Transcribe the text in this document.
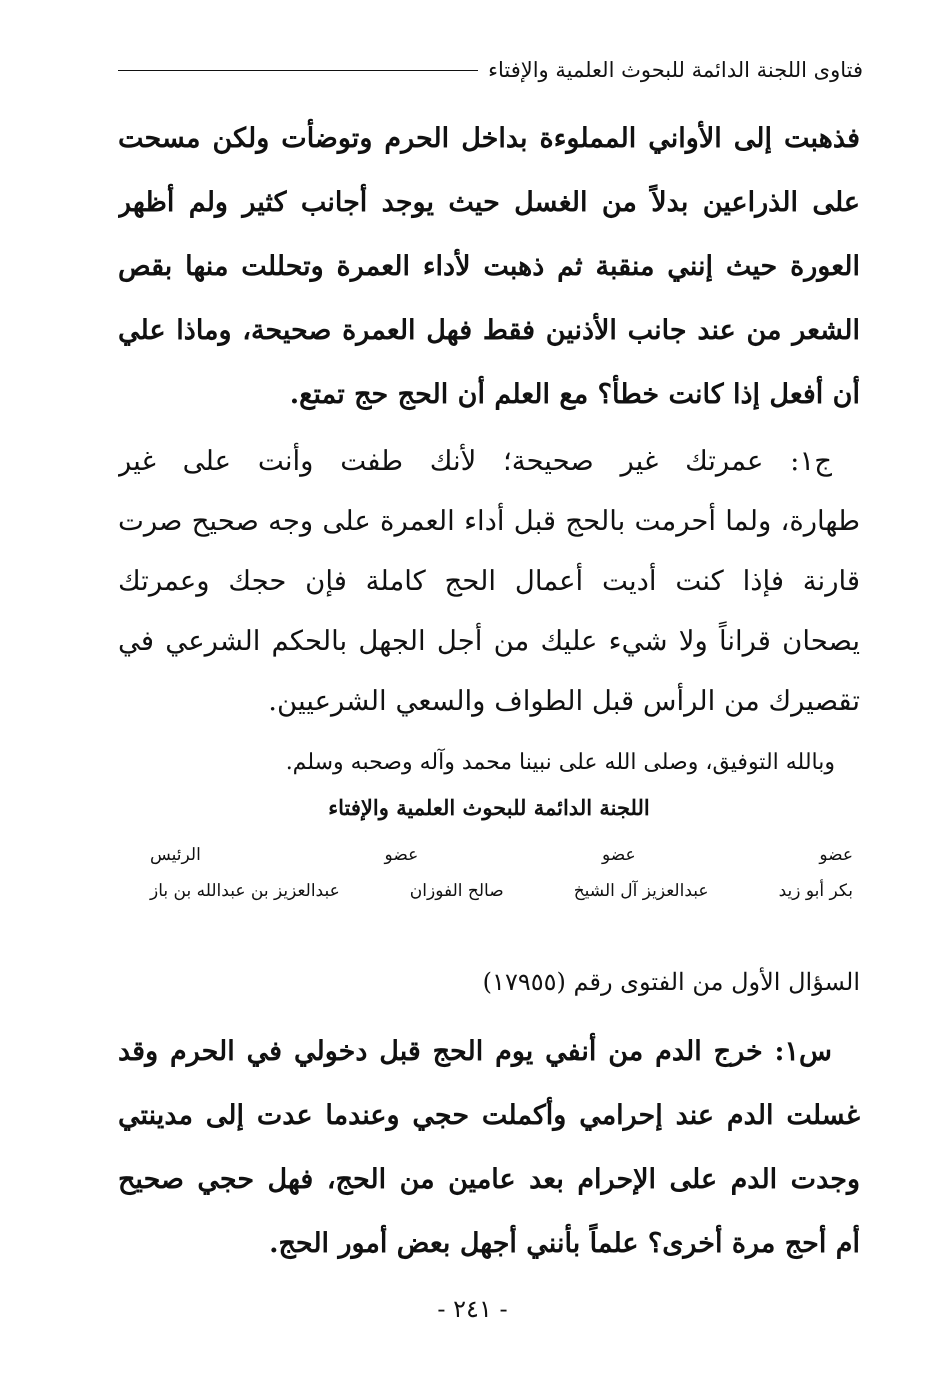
فتاوى اللجنة الدائمة للبحوث العلمية والإفتاء
فذهبت إلى الأواني المملوءة بداخل الحرم وتوضأت ولكن مسحت
على الذراعين بدلاً من الغسل حيث يوجد أجانب كثير ولم أظهر
العورة حيث إنني منقبة ثم ذهبت لأداء العمرة وتحللت منها بقص
الشعر من عند جانب الأذنين فقط فهل العمرة صحيحة، وماذا علي
أن أفعل إذا كانت خطأ؟ مع العلم أن الحج حج تمتع.
ج١: عمرتك غير صحيحة؛ لأنك طفت وأنت على غير
طهارة، ولما أحرمت بالحج قبل أداء العمرة على وجه صحيح صرت
قارنة فإذا كنت أديت أعمال الحج كاملة فإن حجك وعمرتك
يصحان قراناً ولا شيء عليك من أجل الجهل بالحكم الشرعي في
تقصيرك من الرأس قبل الطواف والسعي الشرعيين.
وبالله التوفيق، وصلى الله على نبينا محمد وآله وصحبه وسلم.
اللجنة الدائمة للبحوث العلمية والإفتاء
عضو
عضو
عضو
الرئيس
بكر أبو زيد
عبدالعزيز آل الشيخ
صالح الفوزان
عبدالعزيز بن عبدالله بن باز
السؤال الأول من الفتوى رقم (١٧٩٥٥)
س١: خرج الدم من أنفي يوم الحج قبل دخولي في الحرم وقد
غسلت الدم عند إحرامي وأكملت حجي وعندما عدت إلى مدينتي
وجدت الدم على الإحرام بعد عامين من الحج، فهل حجي صحيح
أم أحج مرة أخرى؟ علماً بأنني أجهل بعض أمور الحج.
- ٢٤١ -
